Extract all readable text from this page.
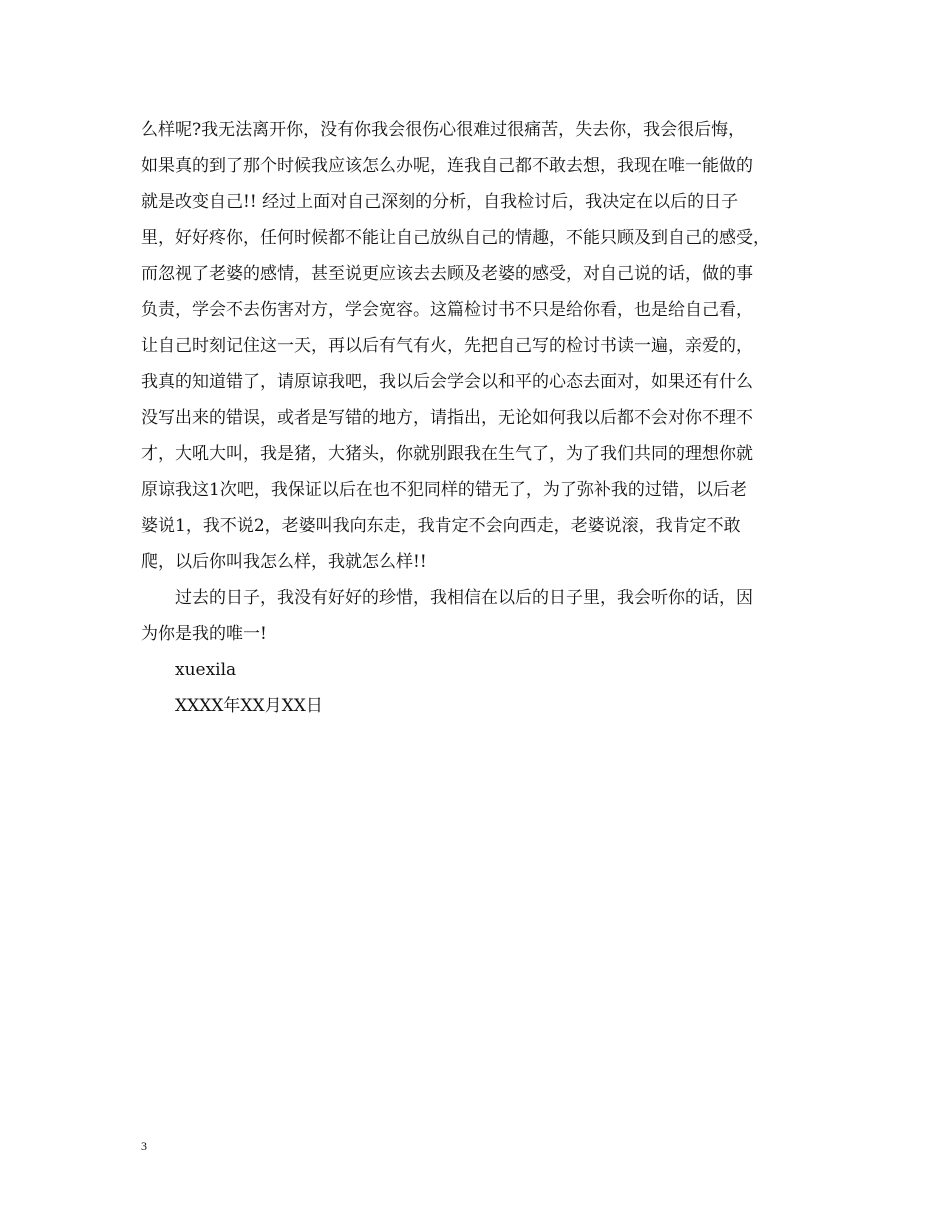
么样呢?我无法离开你，没有你我会很伤心很难过很痛苦，失去你，我会很后悔，
如果真的到了那个时候我应该怎么办呢，连我自己都不敢去想，我现在唯一能做的
就是改变自己!! 经过上面对自己深刻的分析，自我检讨后，我决定在以后的日子
里，好好疼你，任何时候都不能让自己放纵自己的情趣，不能只顾及到自己的感受，
而忽视了老婆的感情，甚至说更应该去去顾及老婆的感受，对自己说的话，做的事
负责，学会不去伤害对方，学会宽容。这篇检讨书不只是给你看，也是给自己看，
让自己时刻记住这一天，再以后有气有火，先把自己写的检讨书读一遍，亲爱的，
我真的知道错了，请原谅我吧，我以后会学会以和平的心态去面对，如果还有什么
没写出来的错误，或者是写错的地方，请指出，无论如何我以后都不会对你不理不
才，大吼大叫，我是猪，大猪头，你就别跟我在生气了，为了我们共同的理想你就
原谅我这1次吧，我保证以后在也不犯同样的错无了，为了弥补我的过错，以后老
婆说1，我不说2，老婆叫我向东走，我肯定不会向西走，老婆说滚，我肯定不敢
爬，以后你叫我怎么样，我就怎么样!!
过去的日子，我没有好好的珍惜，我相信在以后的日子里，我会听你的话，因
为你是我的唯一!
xuexila
XXXX年XX月XX日
3
